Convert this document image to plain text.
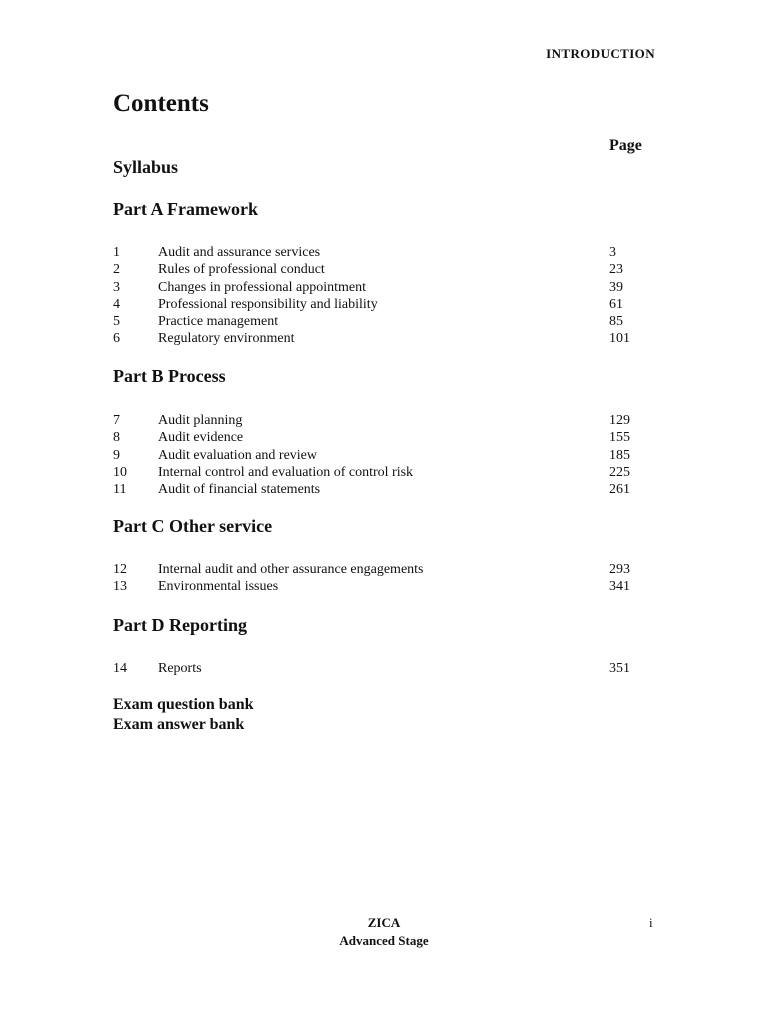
INTRODUCTION
Contents
Page
Syllabus
Part A Framework
1	Audit and assurance services	3
2	Rules of professional conduct	23
3	Changes in professional appointment	39
4	Professional responsibility and liability	61
5	Practice management	85
6	Regulatory environment	101
Part B Process
7	Audit planning	129
8	Audit evidence	155
9	Audit evaluation and review	185
10 Internal control and evaluation of control risk	225
11 Audit of financial statements	261
Part C Other service
12 Internal audit and other assurance engagements	293
13 Environmental issues	341
Part D Reporting
14 Reports	351
Exam question bank
Exam answer bank
ZICA
Advanced Stage
i
